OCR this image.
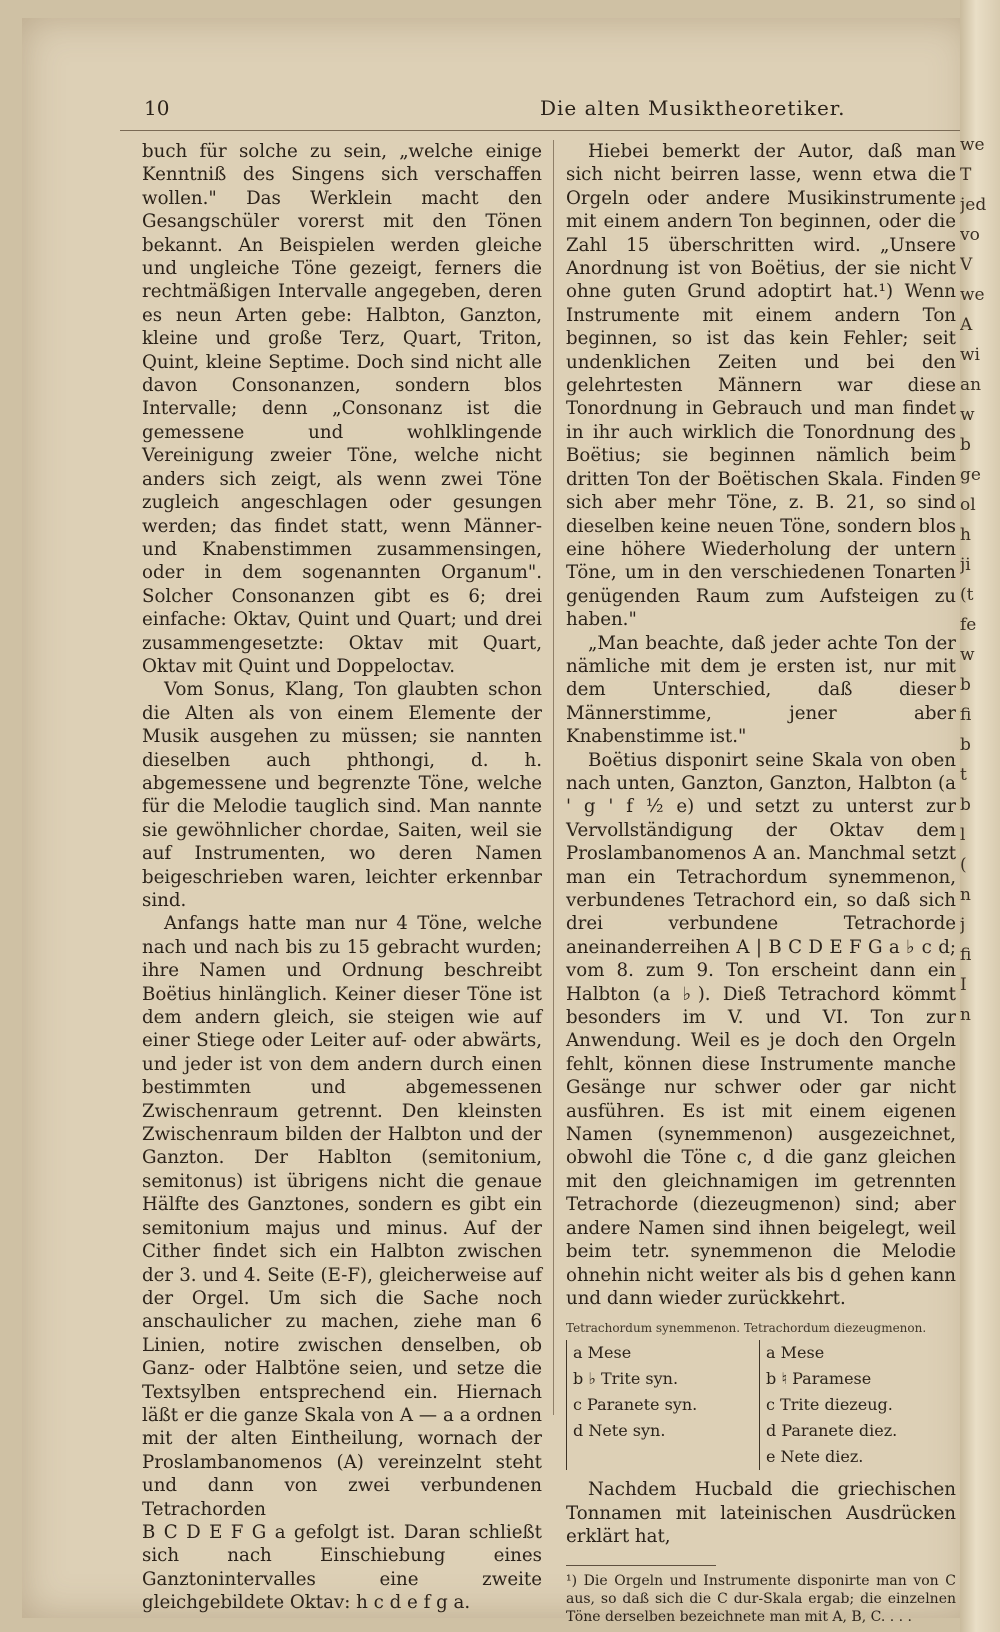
10	Die alten Musiktheoretiker.

buch für solche zu sein, „welche einige Kenntniß des Singens sich verschaffen wollen." Das Werklein macht den Gesangschüler vorerst mit den Tönen bekannt. An Beispielen werden gleiche und ungleiche Töne gezeigt, ferners die rechtmäßigen Intervalle angegeben, deren es neun Arten gebe: Halbton, Ganzton, kleine und große Terz, Quart, Triton, Quint, kleine Septime. Doch sind nicht alle davon Consonanzen, sondern blos Intervalle; denn „Consonanz ist die gemessene und wohlklingende Vereinigung zweier Töne, welche nicht anders sich zeigt, als wenn zwei Töne zugleich angeschlagen oder gesungen werden; das findet statt, wenn Männer-und Knabenstimmen zusammensingen, oder in dem sogenannten Organum". Solcher Consonanzen gibt es 6; drei einfache: Oktav, Quint und Quart; und drei zusammengesetzte: Oktav mit Quart, Oktav mit Quint und Doppeloctav.

Vom Sonus, Klang, Ton glaubten schon die Alten als von einem Elemente der Musik ausgehen zu müssen; sie nannten dieselben auch phthongi, d. h. abgemessene und begrenzte Töne, welche für die Melodie tauglich sind. Man nannte sie gewöhnlicher chordae, Saiten, weil sie auf Instrumenten, wo deren Namen beigeschrieben waren, leichter erkennbar sind.

Anfangs hatte man nur 4 Töne, welche nach und nach bis zu 15 gebracht wurden; ihre Namen und Ordnung beschreibt Boëtius hinlänglich. Keiner dieser Töne ist dem andern gleich, sie steigen wie auf einer Stiege oder Leiter auf- oder abwärts, und jeder ist von dem andern durch einen bestimmten und abgemessenen Zwischenraum getrennt. Den kleinsten Zwischenraum bilden der Halbton und der Ganzton. Der Hablton (semitonium, semitonus) ist übrigens nicht die genaue Hälfte des Ganztones, sondern es gibt ein semitonium majus und minus. Auf der Cither findet sich ein Halbton zwischen der 3. und 4. Seite (E-F), gleicherweise auf der Orgel. Um sich die Sache noch anschaulicher zu machen, ziehe man 6 Linien, notire zwischen denselben, ob Ganz- oder Halbtöne seien, und setze die Textsylben entsprechend ein. Hiernach läßt er die ganze Skala von A — a a ordnen mit der alten Eintheilung, wornach der Proslambanomenos (A) vereinzelnt steht und dann von zwei verbundenen Tetrachorden

B C D E F G a gefolgt ist. Daran schließt sich nach Einschiebung eines Ganztonintervalles eine zweite gleichgebildete Oktav: h c d e f g a.

Hiebei bemerkt der Autor, daß man sich nicht beirren lasse, wenn etwa die Orgeln oder andere Musikinstrumente mit einem andern Ton beginnen, oder die Zahl 15 überschritten wird. „Unsere Anordnung ist von Boëtius, der sie nicht ohne guten Grund adoptirt hat.¹) Wenn Instrumente mit einem andern Ton beginnen, so ist das kein Fehler; seit undenklichen Zeiten und bei den gelehrtesten Männern war diese Tonordnung in Gebrauch und man findet in ihr auch wirklich die Tonordnung des Boëtius; sie beginnen nämlich beim dritten Ton der Boëtischen Skala. Finden sich aber mehr Töne, z. B. 21, so sind dieselben keine neuen Töne, sondern blos eine höhere Wiederholung der untern Töne, um in den verschiedenen Tonarten genügenden Raum zum Aufsteigen zu haben."

„Man beachte, daß jeder achte Ton der nämliche mit dem je ersten ist, nur mit dem Unterschied, daß dieser Männerstimme, jener aber Knabenstimme ist."

Boëtius disponirt seine Skala von oben nach unten, Ganzton, Ganzton, Halbton (a ' g ' f ½ e) und setzt zu unterst zur Vervollständigung der Oktav dem Proslambanomenos A an. Manchmal setzt man ein Tetrachordum synemmenon, verbundenes Tetrachord ein, so daß sich drei verbundene Tetrachorde aneinanderreihen A | B C D E F G a ♭ c d; vom 8. zum 9. Ton erscheint dann ein Halbton (a ♭). Dieß Tetrachord kömmt besonders im V. und VI. Ton zur Anwendung. Weil es je doch den Orgeln fehlt, können diese Instrumente manche Gesänge nur schwer oder gar nicht ausführen. Es ist mit einem eigenen Namen (synemmenon) ausgezeichnet, obwohl die Töne c, d die ganz gleichen mit den gleichnamigen im getrennten Tetrachorde (diezeugmenon) sind; aber andere Namen sind ihnen beigelegt, weil beim tetr. synemmenon die Melodie ohnehin nicht weiter als bis d gehen kann und dann wieder zurückkehrt.

Tetrachordum synemmenon. Tetrachordum diezeugmenon.
a Mese
b ♭ Trite syn.
c Paranete syn.
d Nete syn.
a Mese
b ♮ Paramese
c Trite diezeug.
d Paranete diez.
e Nete diez.

Nachdem Hucbald die griechischen Tonnamen mit lateinischen Ausdrücken erklärt hat,

¹) Die Orgeln und Instrumente disponirte man von C aus, so daß sich die C dur-Skala ergab; die einzelnen Töne derselben bezeichnete man mit A, B, C. . . .

we
T
jed
vo
V
we
A
wi
an
w
b
ge
ol
h
ji
(t
fe
w
b
fi
b
t
b
l
(
n
j
fi
I
n
